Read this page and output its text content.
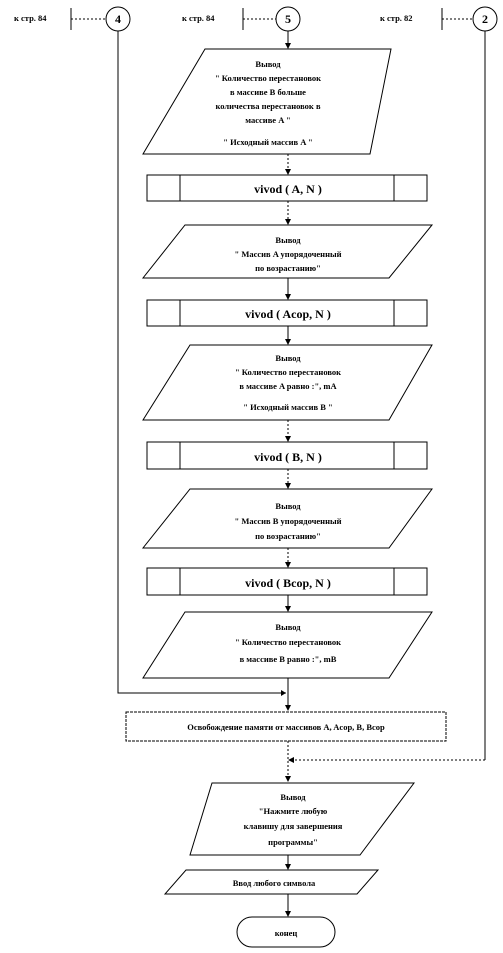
к стр. 84	к стр. 84	к стр. 82
4	5	2
Вывод
" Количество перестановок
в массиве B больше
количества перестановок в
массиве A "
" Исходный массив A "
vivod ( A, N )
Вывод
" Массив A упорядоченный
по возрастанию"
vivod ( Acop, N )
Вывод
" Количество перестановок
в массиве A равно :", mA
" Исходный массив B "
vivod ( B, N )
Вывод
" Массив B упорядоченный
по возрастанию"
vivod ( Bcop, N )
Вывод
" Количество перестановок
в массиве B равно :", mB
Освобождение памяти от массивов A, Acop, B, Bcop
Вывод
"Нажмите любую
клавишу для завершения
программы"
Ввод любого символа
конец
